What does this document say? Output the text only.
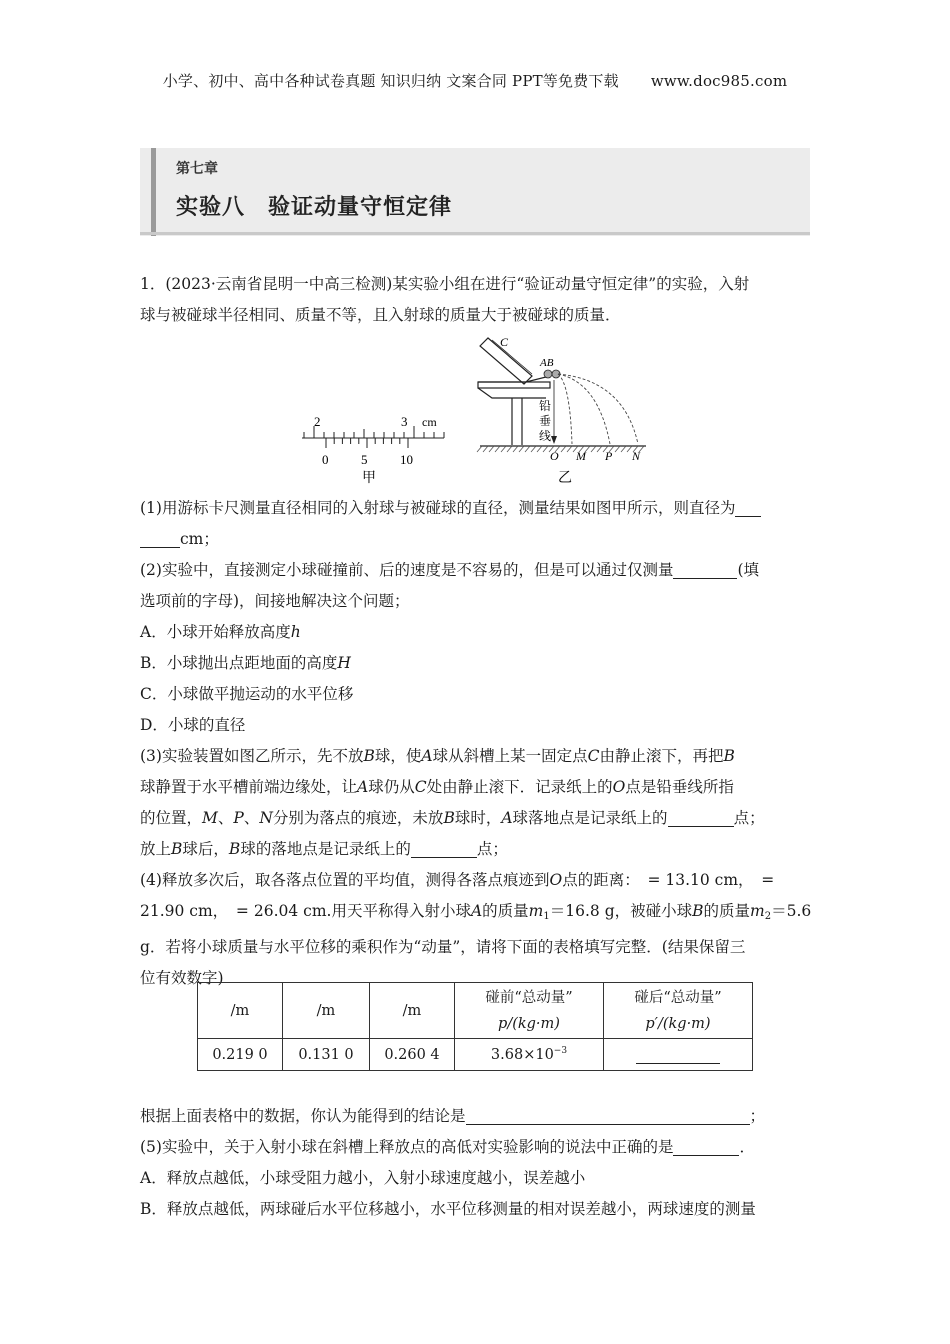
小学、初中、高中各种试卷真题 知识归纳 文案合同 PPT等免费下载 www.doc985.com
第七章
实验八　验证动量守恒定律

1．(2023·云南省昆明一中高三检测)某实验小组在进行“验证动量守恒定律”的实验，入射

球与被碰球半径相同、质量不等，且入射球的质量大于被碰球的质量．

2	3 cm
0	5	10
甲
C
AB
铅
垂
线
O M P N
乙

(1)用游标卡尺测量直径相同的入射球与被碰球的直径，测量结果如图甲所示，则直径为

cm；

(2)实验中，直接测定小球碰撞前、后的速度是不容易的，但是可以通过仅测量	(填

选项前的字母)，间接地解决这个问题；

A．小球开始释放高度h

B．小球抛出点距地面的高度H

C．小球做平抛运动的水平位移

D．小球的直径

(3)实验装置如图乙所示，先不放B球，使A球从斜槽上某一固定点C由静止滚下，再把B

球静置于水平槽前端边缘处，让A球仍从C处由静止滚下．记录纸上的O点是铅垂线所指

的位置，M、P、N分别为落点的痕迹，未放B球时，A球落地点是记录纸上的	点；

放上B球后，B球的落地点是记录纸上的	点；

(4)释放多次后，取各落点位置的平均值，测得各落点痕迹到O点的距离：　= 13.10 cm，　=

21.90 cm，　= 26.04 cm.用天平称得入射小球A的质量$m_1=16.8$ g，被碰小球B的质量$m_2=5.6$

g．若将小球质量与水平位移的乘积作为“动量”，请将下面的表格填写完整．(结果保留三

位有效数字)

/m	/m	/m	碰前“总动量”
p/(kg·m)	碰后“总动量”
p′/(kg·m)
0.219 0	0.131 0	0.260 4	$3.68\times 10^{-3}$	

根据上面表格中的数据，你认为能得到的结论是	；

(5)实验中，关于入射小球在斜槽上释放点的高低对实验影响的说法中正确的是	．

A．释放点越低，小球受阻力越小，入射小球速度越小，误差越小

B．释放点越低，两球碰后水平位移越小，水平位移测量的相对误差越小，两球速度的测量
